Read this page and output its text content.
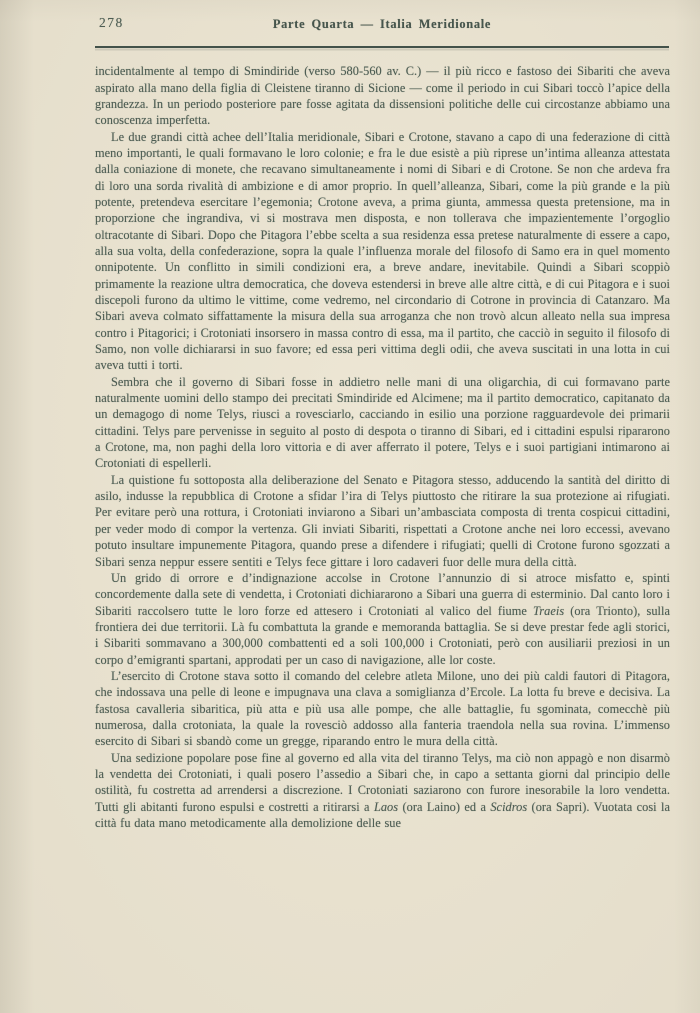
278	Parte Quarta — Italia Meridionale

incidentalmente al tempo di Smindiride (verso 580-560 av. C.) — il più ricco e fastoso dei Sibariti che aveva aspirato alla mano della figlia di Cleistene tiranno di Sicione — come il periodo in cui Sibari toccò l’apice della grandezza. In un periodo posteriore pare fosse agitata da dissensioni politiche delle cui circostanze abbiamo una conoscenza imperfetta.

Le due grandi città achee dell’Italia meridionale, Sibari e Crotone, stavano a capo di una federazione di città meno importanti, le quali formavano le loro colonie; e fra le due esistè a più riprese un’intima alleanza attestata dalla coniazione di monete, che recavano simultaneamente i nomi di Sibari e di Crotone. Se non che ardeva fra di loro una sorda rivalità di ambizione e di amor proprio. In quell’alleanza, Sibari, come la più grande e la più potente, pretendeva esercitare l’egemonia; Crotone aveva, a prima giunta, ammessa questa pretensione, ma in proporzione che ingrandiva, vi si mostrava men disposta, e non tollerava che impazientemente l’orgoglio oltracotante di Sibari. Dopo che Pitagora l’ebbe scelta a sua residenza essa pretese naturalmente di essere a capo, alla sua volta, della confederazione, sopra la quale l’influenza morale del filosofo di Samo era in quel momento onnipotente. Un conflitto in simili condizioni era, a breve andare, inevitabile. Quindi a Sibari scoppiò primamente la reazione ultra democratica, che doveva estendersi in breve alle altre città, e di cui Pitagora e i suoi discepoli furono da ultimo le vittime, come vedremo, nel circondario di Cotrone in provincia di Catanzaro. Ma Sibari aveva colmato siffattamente la misura della sua arroganza che non trovò alcun alleato nella sua impresa contro i Pitagorici; i Crotoniati insorsero in massa contro di essa, ma il partito, che cacciò in seguito il filosofo di Samo, non volle dichiararsi in suo favore; ed essa peri vittima degli odii, che aveva suscitati in una lotta in cui aveva tutti i torti.

Sembra che il governo di Sibari fosse in addietro nelle mani di una oligarchia, di cui formavano parte naturalmente uomini dello stampo dei precitati Smindiride ed Alcimene; ma il partito democratico, capitanato da un demagogo di nome Telys, riusci a rovesciarlo, cacciando in esilio una porzione ragguardevole dei primarii cittadini. Telys pare pervenisse in seguito al posto di despota o tiranno di Sibari, ed i cittadini espulsi ripararono a Crotone, ma, non paghi della loro vittoria e di aver afferrato il potere, Telys e i suoi partigiani intimarono ai Crotoniati di espellerli.

La quistione fu sottoposta alla deliberazione del Senato e Pitagora stesso, adducendo la santità del diritto di asilo, indusse la repubblica di Crotone a sfidar l’ira di Telys piuttosto che ritirare la sua protezione ai rifugiati. Per evitare però una rottura, i Crotoniati inviarono a Sibari un’ambasciata composta di trenta cospicui cittadini, per veder modo di compor la vertenza. Gli inviati Sibariti, rispettati a Crotone anche nei loro eccessi, avevano potuto insultare impunemente Pitagora, quando prese a difendere i rifugiati; quelli di Crotone furono sgozzati a Sibari senza neppur essere sentiti e Telys fece gittare i loro cadaveri fuor delle mura della città.

Un grido di orrore e d’indignazione accolse in Crotone l’annunzio di si atroce misfatto e, spinti concordemente dalla sete di vendetta, i Crotoniati dichiararono a Sibari una guerra di esterminio. Dal canto loro i Sibariti raccolsero tutte le loro forze ed attesero i Crotoniati al valico del fiume Traeis (ora Trionto), sulla frontiera dei due territorii. Là fu combattuta la grande e memoranda battaglia. Se si deve prestar fede agli storici, i Sibariti sommavano a 300,000 combattenti ed a soli 100,000 i Crotoniati, però con ausiliarii preziosi in un corpo d’emigranti spartani, approdati per un caso di navigazione, alle lor coste.

L’esercito di Crotone stava sotto il comando del celebre atleta Milone, uno dei più caldi fautori di Pitagora, che indossava una pelle di leone e impugnava una clava a somiglianza d’Ercole. La lotta fu breve e decisiva. La fastosa cavalleria sibaritica, più atta e più usa alle pompe, che alle battaglie, fu sgominata, comecchè più numerosa, dalla crotoniata, la quale la rovesciò addosso alla fanteria traendola nella sua rovina. L’immenso esercito di Sibari si sbandò come un gregge, riparando entro le mura della città.

Una sedizione popolare pose fine al governo ed alla vita del tiranno Telys, ma ciò non appagò e non disarmò la vendetta dei Crotoniati, i quali posero l’assedio a Sibari che, in capo a settanta giorni dal principio delle ostilità, fu costretta ad arrendersi a discrezione. I Crotoniati saziarono con furore inesorabile la loro vendetta. Tutti gli abitanti furono espulsi e costretti a ritirarsi a Laos (ora Laino) ed a Scidros (ora Sapri). Vuotata cosi la città fu data mano metodicamente alla demolizione delle sue
